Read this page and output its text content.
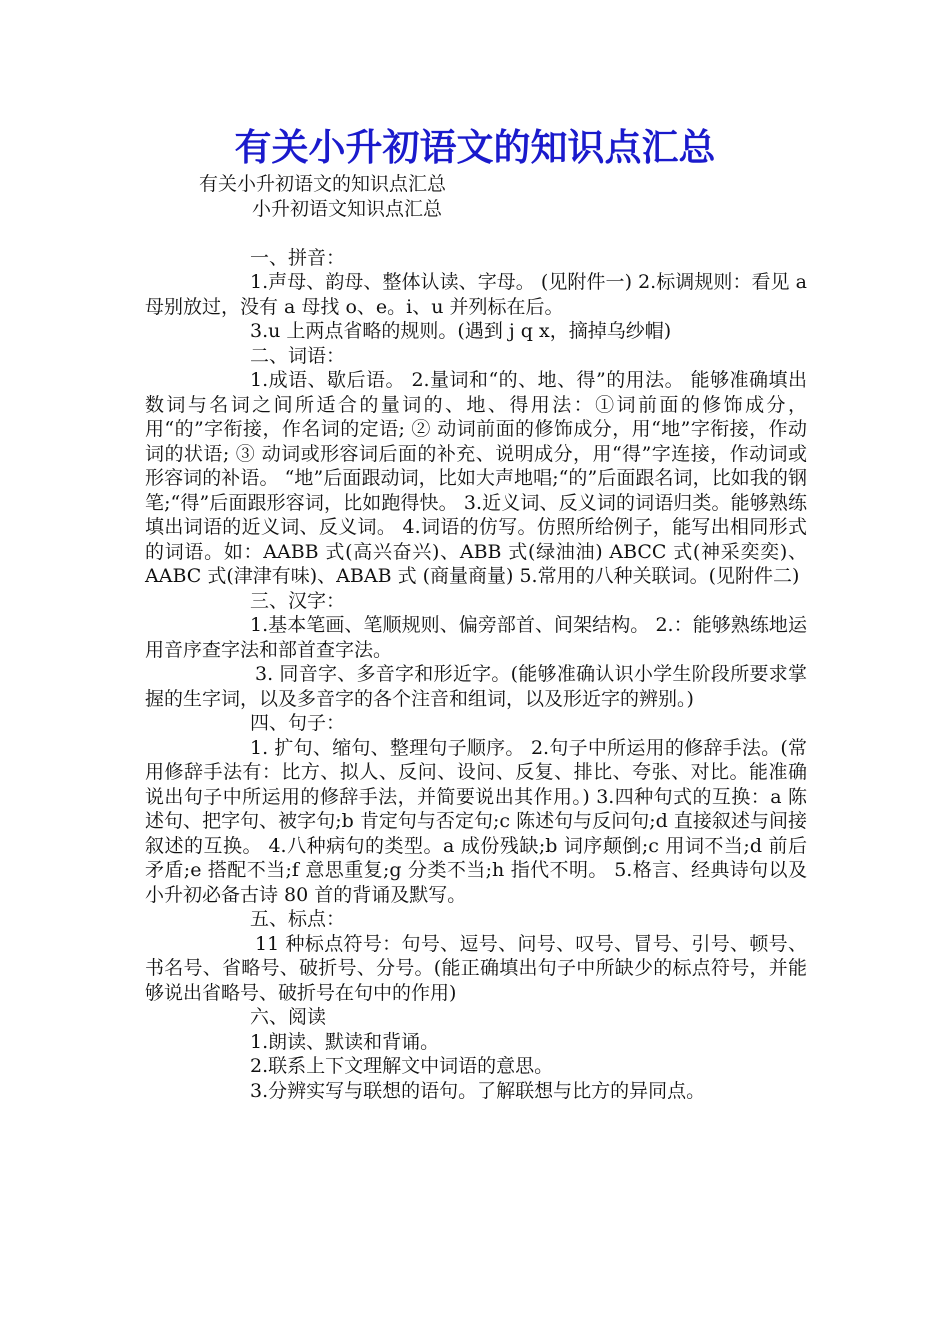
有关小升初语文的知识点汇总

有关小升初语文的知识点汇总

小升初语文知识点汇总

一、拼音：

1.声母、韵母、整体认读、字母。 (见附件一) 2.标调规则：看见 a 母别放过，没有 a 母找 o、e。i、u 并列标在后。

3.u 上两点省略的规则。(遇到 j q x，摘掉乌纱帽)

二、词语：

1.成语、歇后语。 2.量词和“的、地、得”的用法。 能够准确填出数词与名词之间所适合的量词的、地、得用法：①词前面的修饰成分，用“的”字衔接，作名词的定语; ② 动词前面的修饰成分，用“地”字衔接，作动词的状语; ③ 动词或形容词后面的补充、说明成分，用“得”字连接，作动词或形容词的补语。 “地”后面跟动词，比如大声地唱;“的”后面跟名词，比如我的钢笔;“得”后面跟形容词，比如跑得快。 3.近义词、反义词的词语归类。能够熟练填出词语的近义词、反义词。 4.词语的仿写。仿照所给例子，能写出相同形式的词语。如：AABB 式(高兴奋兴)、ABB 式(绿油油) ABCC 式(神采奕奕)、AABC 式(津津有味)、ABAB 式 (商量商量) 5.常用的八种关联词。(见附件二)

三、汉字：

1.基本笔画、笔顺规则、偏旁部首、间架结构。 2.：能够熟练地运用音序查字法和部首查字法。

3. 同音字、多音字和形近字。(能够准确认识小学生阶段所要求掌握的生字词，以及多音字的各个注音和组词，以及形近字的辨别。)

四、句子：

1. 扩句、缩句、整理句子顺序。 2.句子中所运用的修辞手法。(常用修辞手法有：比方、拟人、反问、设问、反复、排比、夸张、对比。能准确说出句子中所运用的修辞手法，并简要说出其作用。) 3.四种句式的互换：a 陈述句、把字句、被字句;b 肯定句与否定句;c 陈述句与反问句;d 直接叙述与间接叙述的互换。 4.八种病句的类型。a 成份残缺;b 词序颠倒;c 用词不当;d 前后矛盾;e 搭配不当;f 意思重复;g 分类不当;h 指代不明。 5.格言、经典诗句以及小升初必备古诗 80 首的背诵及默写。

五、标点：

11 种标点符号：句号、逗号、问号、叹号、冒号、引号、顿号、书名号、省略号、破折号、分号。(能正确填出句子中所缺少的标点符号，并能够说出省略号、破折号在句中的作用)

六、阅读

1.朗读、默读和背诵。

2.联系上下文理解文中词语的意思。

3.分辨实写与联想的语句。了解联想与比方的异同点。
